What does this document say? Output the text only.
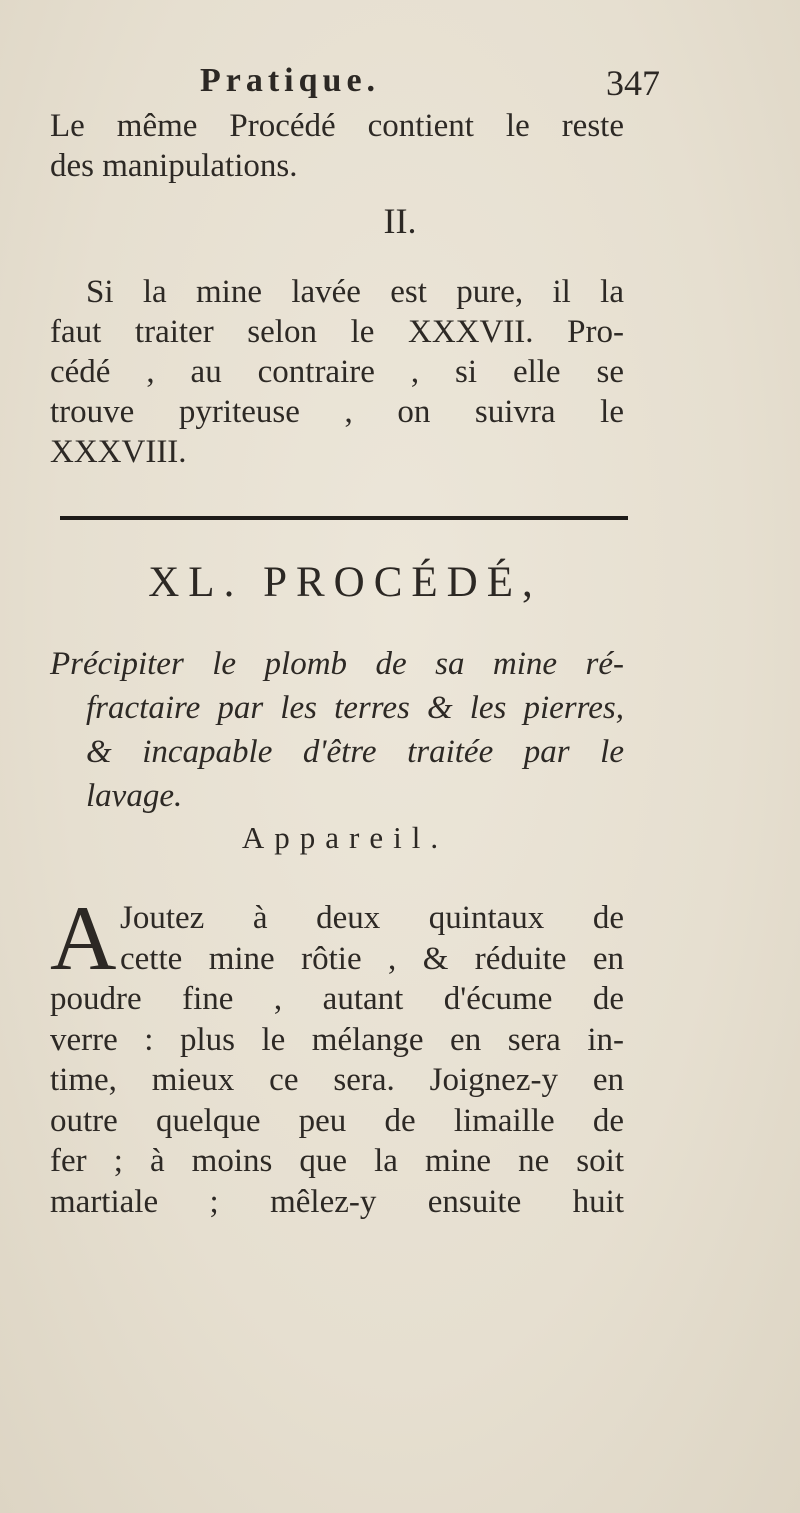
Pratique.	347
Le même Procédé contient le reste
des manipulations.
II.
Si la mine lavée est pure, il la
faut traiter selon le XXXVII. Pro-
cédé , au contraire , si elle se
trouve pyriteuse , on suivra le
XXXVIII.
XL. PROCÉDÉ,
Précipiter le plomb de sa mine ré-
fractaire par les terres & les pierres,
& incapable d'être traitée par le
lavage.
Appareil.
A Joutez à deux quintaux de
cette mine rôtie , & réduite en
poudre fine , autant d'écume de
verre : plus le mélange en sera in-
time, mieux ce sera. Joignez-y en
outre quelque peu de limaille de
fer ; à moins que la mine ne soit
martiale ; mêlez-y ensuite huit
